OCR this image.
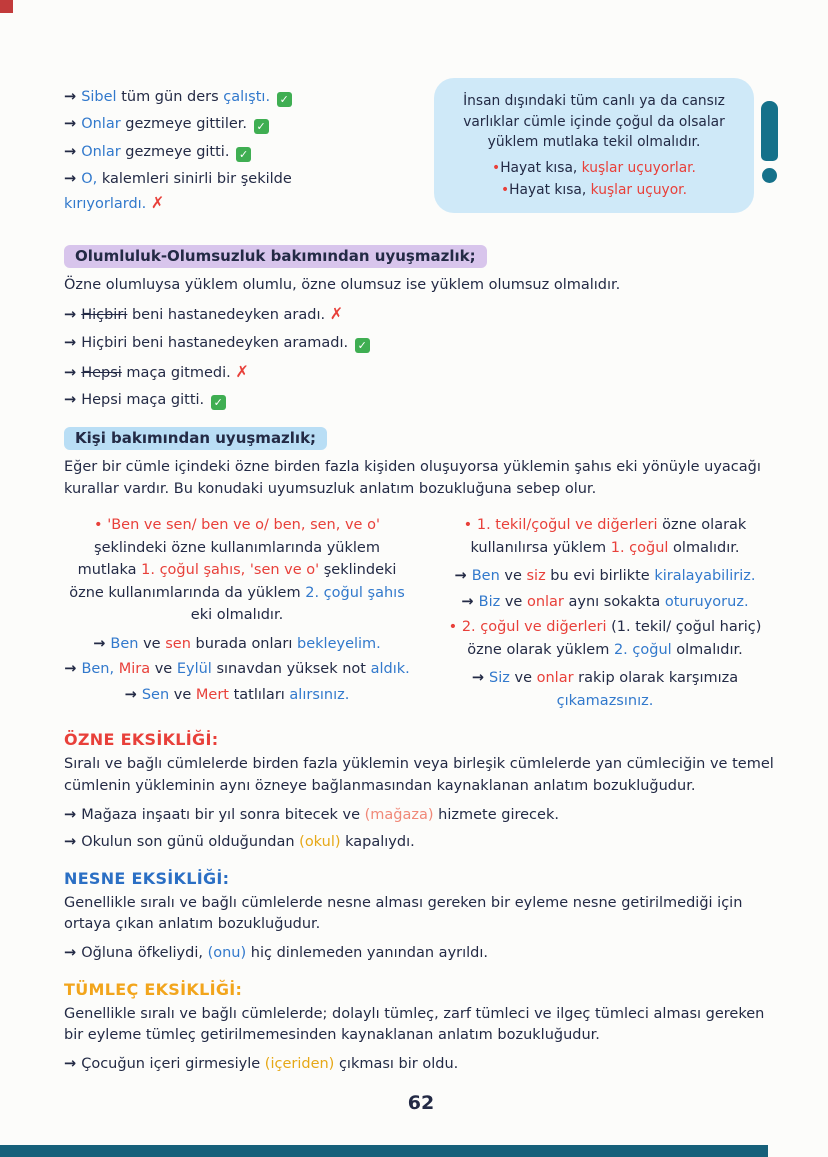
→ Sibel tüm gün ders çalıştı. ✓
→ Onlar gezmeye gittiler. ✓
→ Onlar gezmeye gitti. ✓
→ O, kalemleri sinirli bir şekilde kırıyorlardı. ✗
İnsan dışındaki tüm canlı ya da cansız varlıklar cümle içinde çoğul da olsalar yüklem mutlaka tekil olmalıdır.
•Hayat kısa, kuşlar uçuyorlar.
•Hayat kısa, kuşlar uçuyor.
Olumluluk-Olumsuzluk bakımından uyuşmazlık;

Özne olumluysa yüklem olumlu, özne olumsuz ise yüklem olumsuz olmalıdır.

→ Hiçbiri beni hastanedeyken aradı. ✗
→ Hiçbiri beni hastanedeyken aramadı. ✓
→ Hepsi maça gitmedi. ✗
→ Hepsi maça gitti. ✓
Kişi bakımından uyuşmazlık;

Eğer bir cümle içindeki özne birden fazla kişiden oluşuyorsa yüklemin şahıs eki yönüyle uyacağı kurallar vardır. Bu konudaki uyumsuzluk anlatım bozukluğuna sebep olur.

• 'Ben ve sen/ ben ve o/ ben, sen, ve o' şeklindeki özne kullanımlarında yüklem mutlaka 1. çoğul şahıs, 'sen ve o' şeklindeki özne kullanımlarında da yüklem 2. çoğul şahıs eki olmalıdır.
→ Ben ve sen burada onları bekleyelim.
→ Ben, Mira ve Eylül sınavdan yüksek not aldık.
→ Sen ve Mert tatlıları alırsınız.
• 1. tekil/çoğul ve diğerleri özne olarak kullanılırsa yüklem 1. çoğul olmalıdır.
→ Ben ve siz bu evi birlikte kiralayabiliriz.
→ Biz ve onlar aynı sokakta oturuyoruz.
• 2. çoğul ve diğerleri (1. tekil/ çoğul hariç) özne olarak yüklem 2. çoğul olmalıdır.
→ Siz ve onlar rakip olarak karşımıza çıkamazsınız.
ÖZNE EKSİKLİĞİ:

Sıralı ve bağlı cümlelerde birden fazla yüklemin veya birleşik cümlelerde yan cümleciğin ve temel cümlenin yükleminin aynı özneye bağlanmasından kaynaklanan anlatım bozukluğudur.

→ Mağaza inşaatı bir yıl sonra bitecek ve (mağaza) hizmete girecek.
→ Okulun son günü olduğundan (okul) kapalıydı.
NESNE EKSİKLİĞİ:

Genellikle sıralı ve bağlı cümlelerde nesne alması gereken bir eyleme nesne getirilmediği için ortaya çıkan anlatım bozukluğudur.

→ Oğluna öfkeliydi, (onu) hiç dinlemeden yanından ayrıldı.
TÜMLEÇ EKSİKLİĞİ:

Genellikle sıralı ve bağlı cümlelerde; dolaylı tümleç, zarf tümleci ve ilgeç tümleci alması gereken bir eyleme tümleç getirilmemesinden kaynaklanan anlatım bozukluğudur.

→ Çocuğun içeri girmesiyle (içeriden) çıkması bir oldu.
62
